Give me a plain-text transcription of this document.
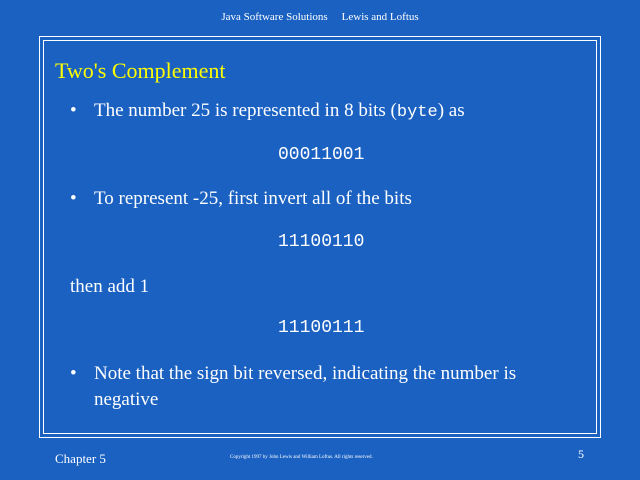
Java Software Solutions Lewis and Loftus
Two's Complement
• The number 25 is represented in 8 bits (byte) as
00011001
• To represent -25, first invert all of the bits
11100110
then add 1
11100111
• Note that the sign bit reversed, indicating the number is
negative
Chapter 5	Copyright 1997 by John Lewis and William Loftus. All rights reserved.	5
